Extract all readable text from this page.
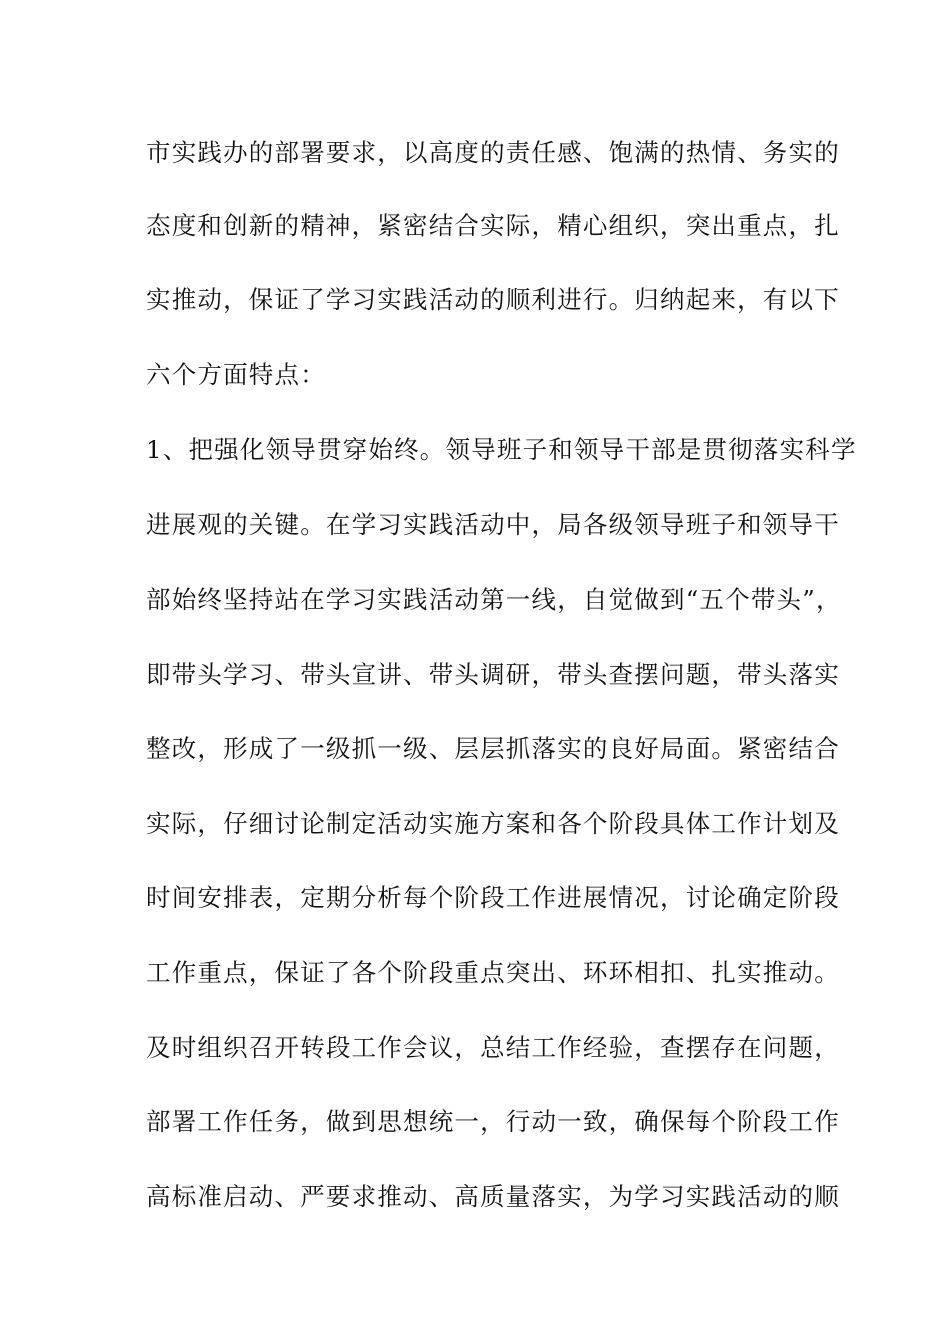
市实践办的部署要求，以高度的责任感、饱满的热情、务实的
态度和创新的精神，紧密结合实际，精心组织，突出重点，扎
实推动，保证了学习实践活动的顺利进行。归纳起来，有以下
六个方面特点：
1、把强化领导贯穿始终。领导班子和领导干部是贯彻落实科学
进展观的关键。在学习实践活动中，局各级领导班子和领导干
部始终坚持站在学习实践活动第一线，自觉做到“五个带头”，
即带头学习、带头宣讲、带头调研，带头查摆问题，带头落实
整改，形成了一级抓一级、层层抓落实的良好局面。紧密结合
实际，仔细讨论制定活动实施方案和各个阶段具体工作计划及
时间安排表，定期分析每个阶段工作进展情况，讨论确定阶段
工作重点，保证了各个阶段重点突出、环环相扣、扎实推动。
及时组织召开转段工作会议，总结工作经验，查摆存在问题，
部署工作任务，做到思想统一，行动一致，确保每个阶段工作
高标准启动、严要求推动、高质量落实，为学习实践活动的顺
